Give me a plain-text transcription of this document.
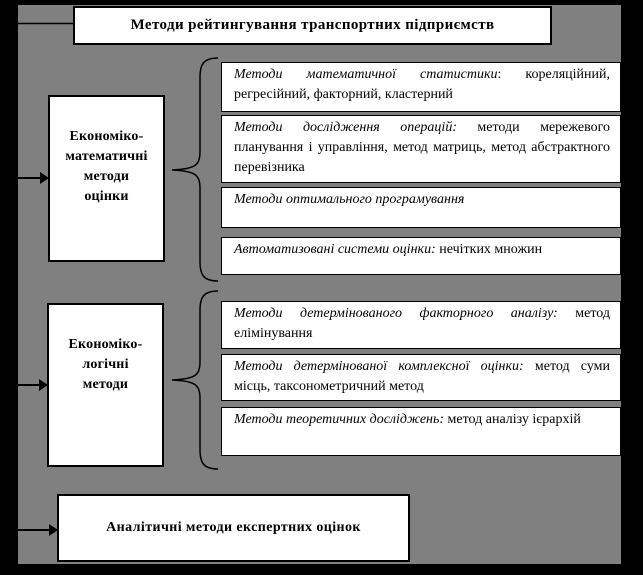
Методи рейтингування транспортних підприємств
Економіко-
математичні
методи
оцінки
Економіко-
логічні
методи
Методи математичної статистики: кореляційний, регресійний, факторний, кластерний
Методи дослідження операцій: методи мережевого планування і управління, метод матриць, метод абстрактного перевізника
Методи оптимального програмування
Автоматизовані системи оцінки: нечітких множин
Методи детермінованого факторного аналізу: метод елімінування
Методи детермінованої комплексної оцінки: метод суми місць, таксонометричний метод
Методи теоретичних досліджень: метод аналізу ієрархій
Аналітичні методи експертних оцінок
